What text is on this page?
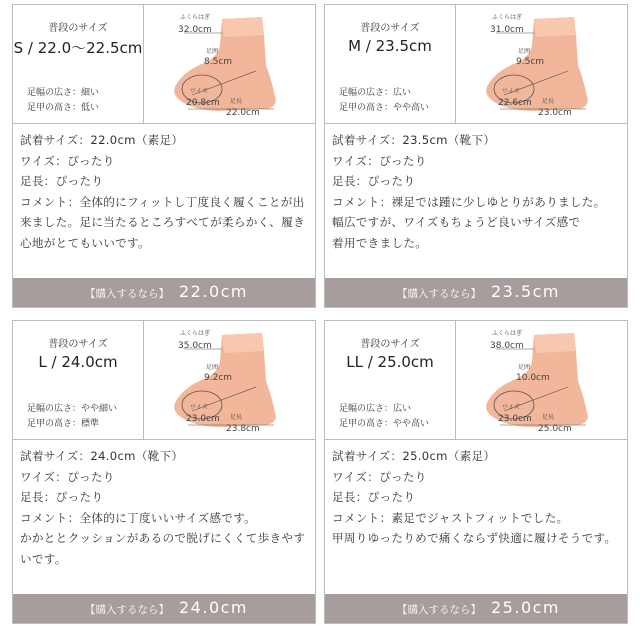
普段のサイズ
S / 22.0〜22.5cm
足幅の広さ：細い
足甲の高さ：低い
ふくらはぎ
32.0cm
足囲
8.5cm
ワイズ
20.8cm 足長
22.0cm
試着サイズ：22.0cm（素足）
ワイズ：ぴったり
足長：ぴったり
コメント：全体的にフィットし丁度良く履くことが出来ました。足に当たるところすべてが柔らかく、履き心地がとてもいいです。
【購入するなら】 22.0cm
普段のサイズ
M / 23.5cm
足幅の広さ：広い
足甲の高さ：やや高い
ふくらはぎ
31.0cm
足囲
9.5cm
ワイズ
22.6cm 足長
23.0cm
試着サイズ：23.5cm（靴下）
ワイズ：ぴったり
足長：ぴったり
コメント：裸足では踵に少しゆとりがありました。
幅広ですが、ワイズもちょうど良いサイズ感で
着用できました。
【購入するなら】 23.5cm
普段のサイズ
L / 24.0cm
足幅の広さ：やや細い
足甲の高さ：標準
ふくらはぎ
35.0cm
足囲
9.2cm
ワイズ
23.0cm 足長
23.8cm
試着サイズ：24.0cm（靴下）
ワイズ：ぴったり
足長：ぴったり
コメント：全体的に丁度いいサイズ感です。
かかととクッションがあるので脱げにくくて歩きやすいです。
【購入するなら】 24.0cm
普段のサイズ
LL / 25.0cm
足幅の広さ：広い
足甲の高さ：やや高い
ふくらはぎ
38.0cm
足囲
10.0cm
ワイズ
23.0cm 足長
25.0cm
試着サイズ：25.0cm（素足）
ワイズ：ぴったり
足長：ぴったり
コメント：素足でジャストフィットでした。
甲周りゆったりめで痛くならず快適に履けそうです。
【購入するなら】 25.0cm
